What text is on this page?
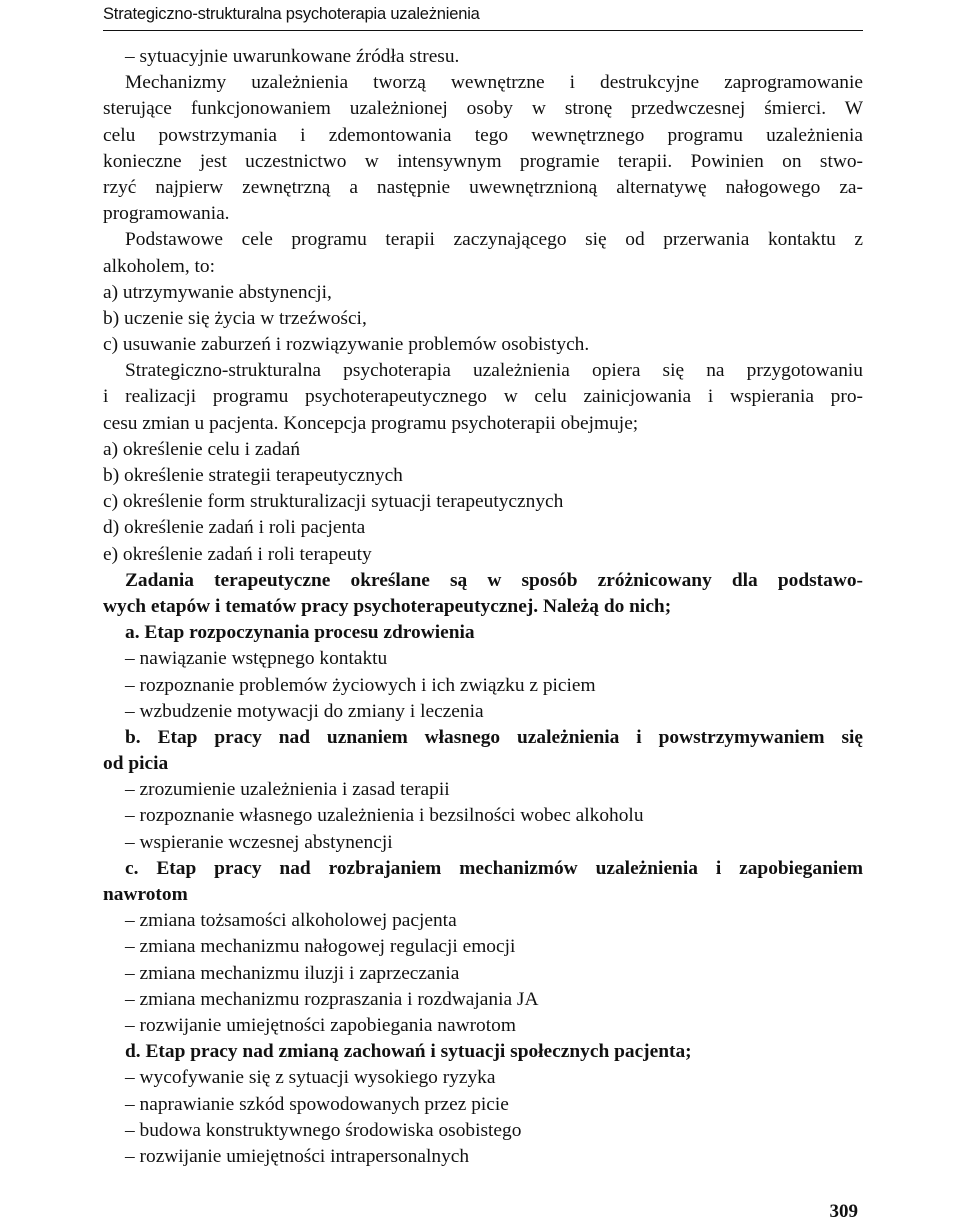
Strategiczno-strukturalna psychoterapia uzależnienia
– sytuacyjnie uwarunkowane źródła stresu.
Mechanizmy uzależnienia tworzą wewnętrzne i destrukcyjne zaprogramowanie
sterujące funkcjonowaniem uzależnionej osoby w stronę przedwczesnej śmierci. W
celu powstrzymania i zdemontowania tego wewnętrznego programu uzależnienia
konieczne jest uczestnictwo w intensywnym programie terapii. Powinien on stwo-
rzyć najpierw zewnętrzną a następnie uwewnętrznioną alternatywę nałogowego za-
programowania.
Podstawowe cele programu terapii zaczynającego się od przerwania kontaktu z
alkoholem, to:
a) utrzymywanie abstynencji,
b) uczenie się życia w trzeźwości,
c) usuwanie zaburzeń i rozwiązywanie problemów osobistych.
Strategiczno-strukturalna psychoterapia uzależnienia opiera się na przygotowaniu
i realizacji programu psychoterapeutycznego w celu zainicjowania i wspierania pro-
cesu zmian u pacjenta. Koncepcja programu psychoterapii obejmuje;
a) określenie celu i zadań
b) określenie strategii terapeutycznych
c) określenie form strukturalizacji sytuacji terapeutycznych
d) określenie zadań i roli pacjenta
e) określenie zadań i roli terapeuty
Zadania terapeutyczne określane są w sposób zróżnicowany dla podstawo-
wych etapów i tematów pracy psychoterapeutycznej. Należą do nich;
a. Etap rozpoczynania procesu zdrowienia
– nawiązanie wstępnego kontaktu
– rozpoznanie problemów życiowych i ich związku z piciem
– wzbudzenie motywacji do zmiany i leczenia
b. Etap pracy nad uznaniem własnego uzależnienia i powstrzymywaniem się
od picia
– zrozumienie uzależnienia i zasad terapii
– rozpoznanie własnego uzależnienia i bezsilności wobec alkoholu
– wspieranie wczesnej abstynencji
c. Etap pracy nad rozbrajaniem mechanizmów uzależnienia i zapobieganiem
nawrotom
– zmiana tożsamości alkoholowej pacjenta
– zmiana mechanizmu nałogowej regulacji emocji
– zmiana mechanizmu iluzji i zaprzeczania
– zmiana mechanizmu rozpraszania i rozdwajania JA
– rozwijanie umiejętności zapobiegania nawrotom
d. Etap pracy nad zmianą zachowań i sytuacji społecznych pacjenta;
– wycofywanie się z sytuacji wysokiego ryzyka
– naprawianie szkód spowodowanych przez picie
– budowa konstruktywnego środowiska osobistego
– rozwijanie umiejętności intrapersonalnych
309
